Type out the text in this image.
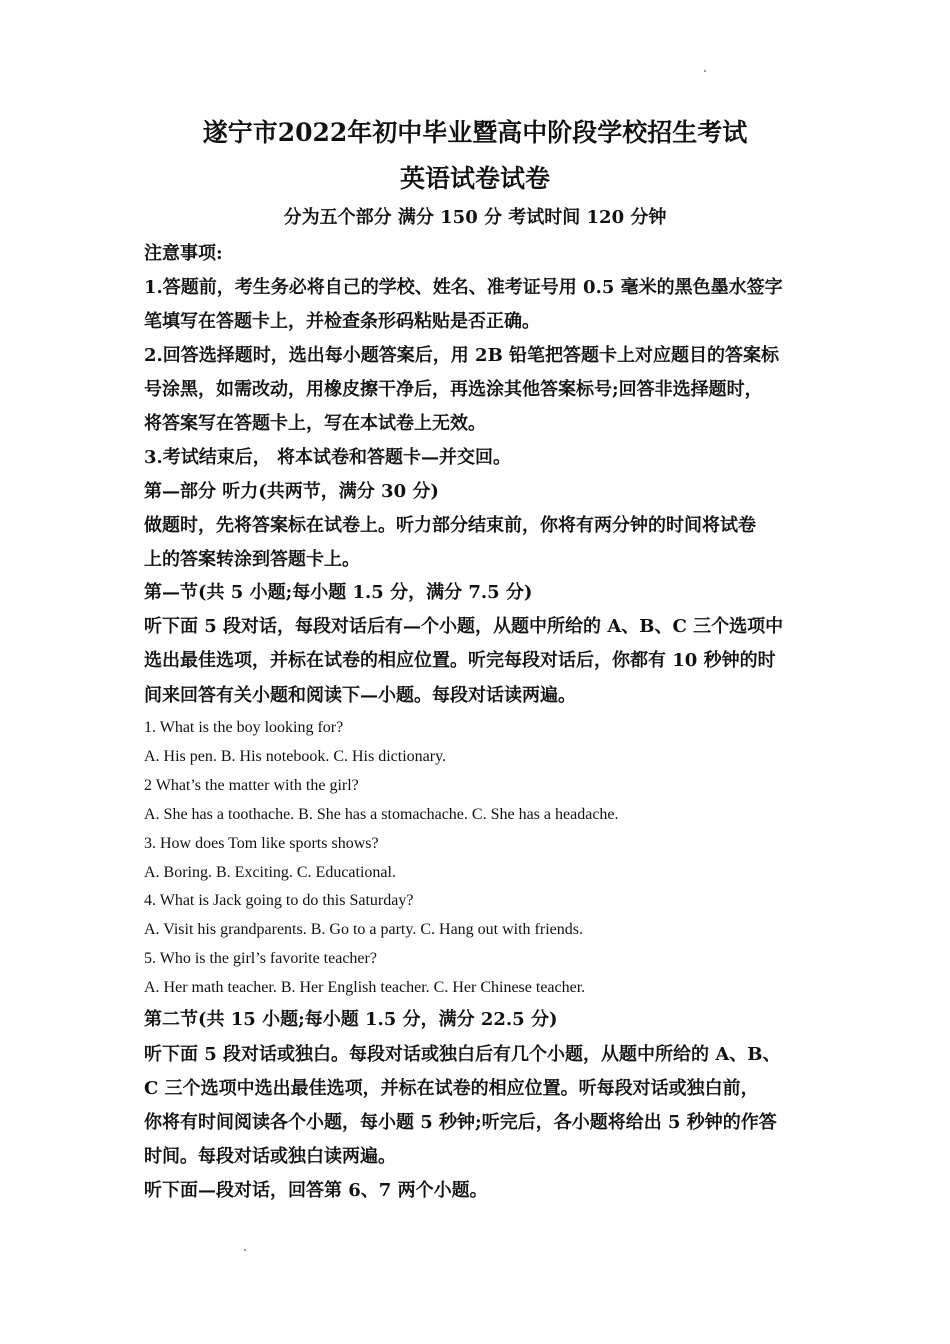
遂宁市2022年初中毕业暨高中阶段学校招生考试
英语试卷试卷
分为五个部分 满分 150 分 考试时间 120 分钟
注意事项:
1.答题前，考生务必将自己的学校、姓名、准考证号用 0.5 毫米的黑色墨水签字
笔填写在答题卡上，并检查条形码粘贴是否正确。
2.回答选择题时，选出每小题答案后，用 2B 铅笔把答题卡上对应题目的答案标
号涂黑，如需改动，用橡皮擦干净后，再选涂其他答案标号;回答非选择题时，
将答案写在答题卡上，写在本试卷上无效。
3.考试结束后， 将本试卷和答题卡—并交回。
第—部分 听力(共两节，满分 30 分)
做题时，先将答案标在试卷上。听力部分结束前，你将有两分钟的时间将试卷
上的答案转涂到答题卡上。
第—节(共 5 小题;每小题 1.5 分，满分 7.5 分)
听下面 5 段对话，每段对话后有—个小题，从题中所给的 A、B、C 三个选项中
选出最佳选项，并标在试卷的相应位置。听完每段对话后，你都有 10 秒钟的时
间来回答有关小题和阅读下—小题。每段对话读两遍。
1. What is the boy looking for?
A. His pen. B. His notebook. C. His dictionary.
2 What’s the matter with the girl?
A. She has a toothache. B. She has a stomachache. C. She has a headache.
3. How does Tom like sports shows?
A. Boring. B. Exciting. C. Educational.
4. What is Jack going to do this Saturday?
A. Visit his grandparents. B. Go to a party. C. Hang out with friends.
5. Who is the girl’s favorite teacher?
A. Her math teacher. B. Her English teacher. C. Her Chinese teacher.
第二节(共 15 小题;每小题 1.5 分，满分 22.5 分)
听下面 5 段对话或独白。每段对话或独白后有几个小题，从题中所给的 A、B、
C 三个选项中选出最佳选项，并标在试卷的相应位置。听每段对话或独白前，
你将有时间阅读各个小题，每小题 5 秒钟;听完后，各小题将给出 5 秒钟的作答
时间。每段对话或独白读两遍。
听下面—段对话，回答第 6、7 两个小题。
